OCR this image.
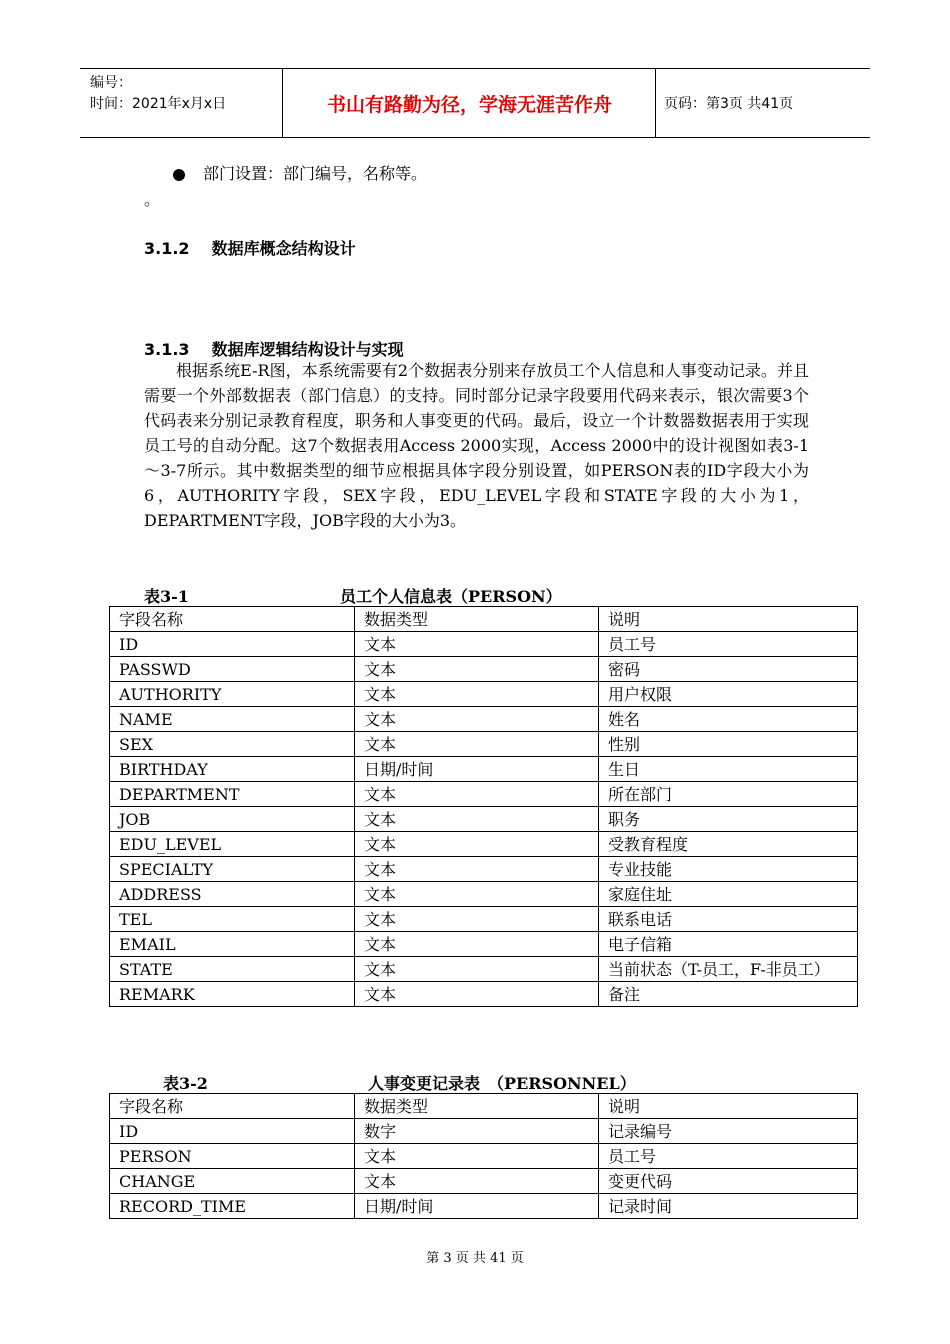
编号：
时间：2021年x月x日	书山有路勤为径，学海无涯苦作舟	页码：第3页 共41页
部门设置：部门编号，名称等。
。
3.1.2 数据库概念结构设计
3.1.3 数据库逻辑结构设计与实现

根据系统E-R图，本系统需要有2个数据表分别来存放员工个人信息和人事变动记录。并且需要一个外部数据表（部门信息）的支持。同时部分记录字段要用代码来表示，银次需要3个代码表来分别记录教育程度，职务和人事变更的代码。最后，设立一个计数器数据表用于实现员工号的自动分配。这7个数据表用Access 2000实现，Access 2000中的设计视图如表3-1～3-7所示。其中数据类型的细节应根据具体字段分别设置，如PERSON表的ID字段大小为6，AUTHORITY字段，SEX字段，EDU_LEVEL字段和STATE字段的大小为1，DEPARTMENT字段，JOB字段的大小为3。

表3-1	员工个人信息表（PERSON）
字段名称	数据类型	说明
ID	文本	员工号
PASSWD	文本	密码
AUTHORITY	文本	用户权限
NAME	文本	姓名
SEX	文本	性别
BIRTHDAY	日期/时间	生日
DEPARTMENT	文本	所在部门
JOB	文本	职务
EDU_LEVEL	文本	受教育程度
SPECIALTY	文本	专业技能
ADDRESS	文本	家庭住址
TEL	文本	联系电话
EMAIL	文本	电子信箱
STATE	文本	当前状态（T-员工，F-非员工）
REMARK	文本	备注
表3-2	人事变更记录表　（PERSONNEL）
字段名称	数据类型	说明
ID	数字	记录编号
PERSON	文本	员工号
CHANGE	文本	变更代码
RECORD_TIME	日期/时间	记录时间
第 3 页 共 41 页
